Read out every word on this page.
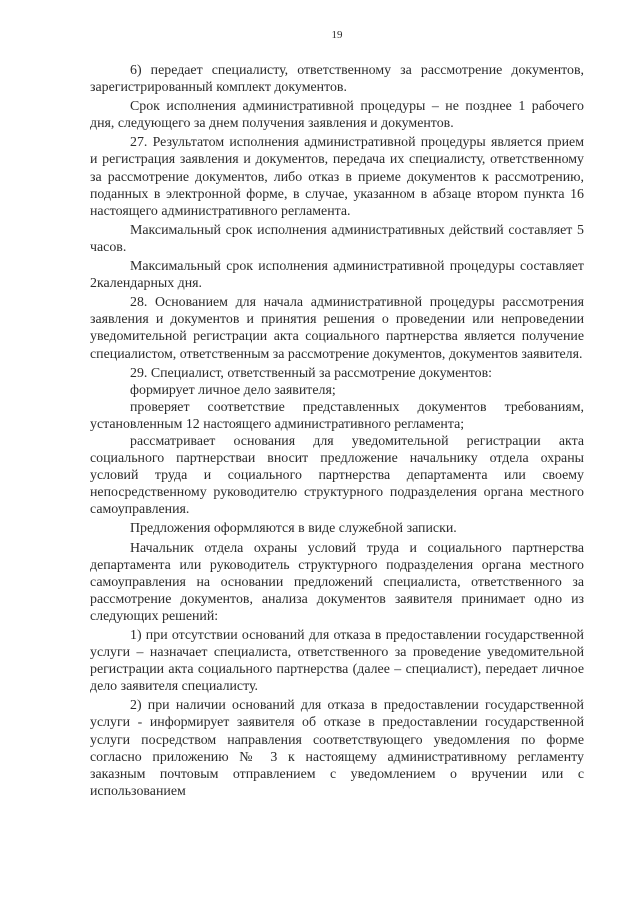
19

6) передает специалисту, ответственному за рассмотрение документов, зарегистрированный комплект документов.

Срок исполнения административной процедуры – не позднее 1 рабочего дня, следующего за днем получения заявления и документов.

27. Результатом исполнения административной процедуры является прием и регистрация заявления и документов, передача их специалисту, ответственному за рассмотрение документов, либо отказ в приеме документов к рассмотрению, поданных в электронной форме, в случае, указанном в абзаце втором пункта 16 настоящего административного регламента.

Максимальный срок исполнения административных действий составляет 5 часов.

Максимальный срок исполнения административной процедуры составляет 2календарных дня.

28. Основанием для начала административной процедуры рассмотрения заявления и документов и принятия решения о проведении или непроведении уведомительной регистрации акта социального партнерства является получение специалистом, ответственным за рассмотрение документов, документов заявителя.

29. Специалист, ответственный за рассмотрение документов:

формирует личное дело заявителя;

проверяет соответствие представленных документов требованиям, установленным 12 настоящего административного регламента;

рассматривает основания для уведомительной регистрации акта социального партнерстваи вносит предложение начальнику отдела охраны условий труда и социального партнерства департамента или своему непосредственному руководителю структурного подразделения органа местного самоуправления.

Предложения оформляются в виде служебной записки.

Начальник отдела охраны условий труда и социального партнерства департамента или руководитель структурного подразделения органа местного самоуправления на основании предложений специалиста, ответственного за рассмотрение документов, анализа документов заявителя принимает одно из следующих решений:

1) при отсутствии оснований для отказа в предоставлении государственной услуги – назначает специалиста, ответственного за проведение уведомительной регистрации акта социального партнерства (далее – специалист), передает личное дело заявителя специалисту.

2) при наличии оснований для отказа в предоставлении государственной услуги - информирует заявителя об отказе в предоставлении государственной услуги посредством направления соответствующего уведомления по форме согласно приложению № 3 к настоящему административному регламенту заказным почтовым отправлением с уведомлением о вручении или с использованием
